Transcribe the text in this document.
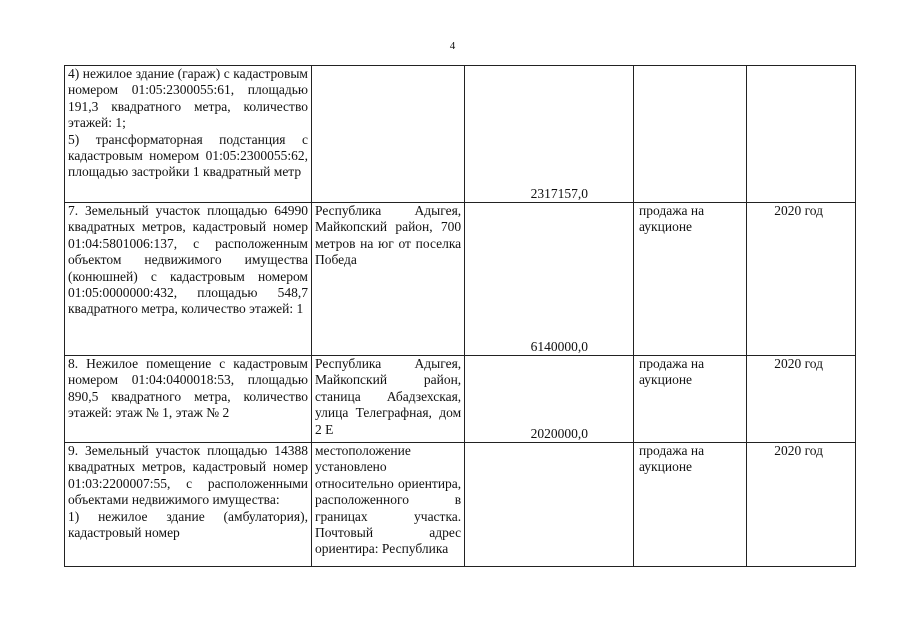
4
4) нежилое здание (гараж) с кадастровым номером 01:05:2300055:61, площадью 191,3 квадратного метра, количество этажей: 1;
5) трансформаторная подстанция с кадастровым номером 01:05:2300055:62, площадью застройки 1 квадратный метр		2317157,0		

7. Земельный участок площадью 64990 квадратных метров, кадастровый номер 01:04:5801006:137, с расположенным объектом недвижимого имущества (конюшней) с кадастровым номером 01:05:0000000:432, площадью 548,7 квадратного метра, количество этажей: 1	Республика Адыгея, Майкопский район, 700 метров на юг от поселка Победа	6140000,0	продажа на аукционе	2020 год

8. Нежилое помещение с кадастровым номером 01:04:0400018:53, площадью 890,5 квадратного метра, количество этажей: этаж № 1, этаж № 2	Республика Адыгея, Майкопский район, станица Абадзехская, улица Телеграфная, дом 2 Е	2020000,0	продажа на аукционе	2020 год

9. Земельный участок площадью 14388 квадратных метров, кадастровый номер 01:03:2200007:55, с расположенными объектами недвижимого имущества:
1) нежилое здание (амбулатория), кадастровый номер	местоположение установлено относительно ориентира, расположенного в границах участка. Почтовый адрес ориентира: Республика		продажа на аукционе	2020 год
